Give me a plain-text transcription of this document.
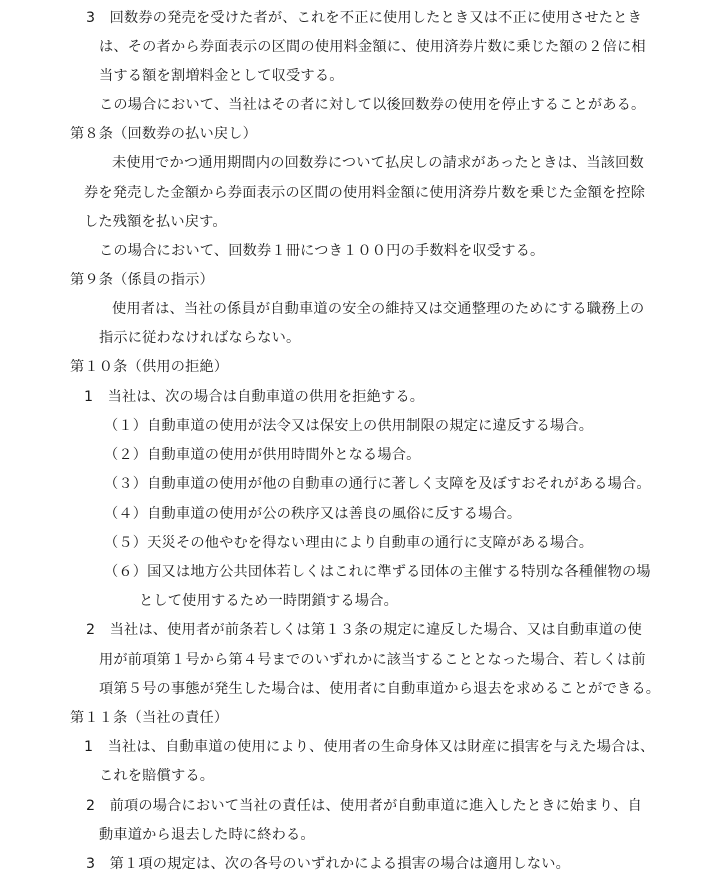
3　回数券の発売を受けた者が、これを不正に使用したとき又は不正に使用させたとき
は、その者から券面表示の区間の使用料金額に、使用済券片数に乗じた額の２倍に相
当する額を割増料金として収受する。
この場合において、当社はその者に対して以後回数券の使用を停止することがある。
第８条（回数券の払い戻し）
未使用でかつ通用期間内の回数券について払戻しの請求があったときは、当該回数
券を発売した金額から券面表示の区間の使用料金額に使用済券片数を乗じた金額を控除
した残額を払い戻す。
この場合において、回数券１冊につき１００円の手数料を収受する。
第９条（係員の指示）
使用者は、当社の係員が自動車道の安全の維持又は交通整理のためにする職務上の
指示に従わなければならない。
第１０条（供用の拒絶）
1　当社は、次の場合は自動車道の供用を拒絶する。
（１）自動車道の使用が法令又は保安上の供用制限の規定に違反する場合。
（２）自動車道の使用が供用時間外となる場合。
（３）自動車道の使用が他の自動車の通行に著しく支障を及ぼすおそれがある場合。
（４）自動車道の使用が公の秩序又は善良の風俗に反する場合。
（５）天災その他やむを得ない理由により自動車の通行に支障がある場合。
（６）国又は地方公共団体若しくはこれに準ずる団体の主催する特別な各種催物の場
として使用するため一時閉鎖する場合。
2　当社は、使用者が前条若しくは第１３条の規定に違反した場合、又は自動車道の使
用が前項第１号から第４号までのいずれかに該当することとなった場合、若しくは前
項第５号の事態が発生した場合は、使用者に自動車道から退去を求めることができる。
第１１条（当社の責任）
1　当社は、自動車道の使用により、使用者の生命身体又は財産に損害を与えた場合は、
これを賠償する。
2　前項の場合において当社の責任は、使用者が自動車道に進入したときに始まり、自
動車道から退去した時に終わる。
3　第１項の規定は、次の各号のいずれかによる損害の場合は適用しない。
